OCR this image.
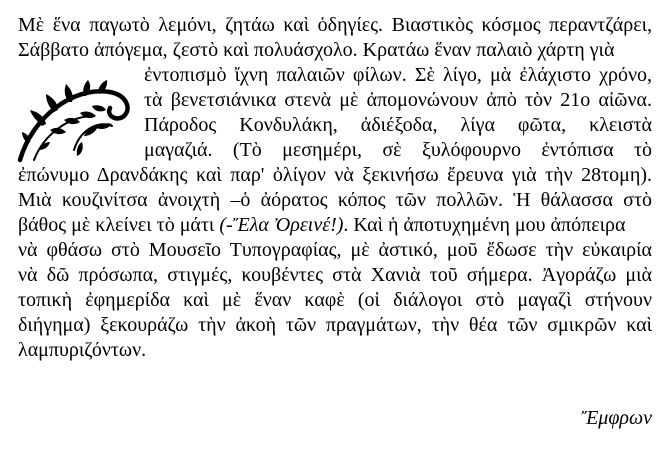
Μὲ ἕνα παγωτὸ λεμόνι, ζητάω καὶ ὁδηγίες. Βιαστικὸς κόσμος περαντζάρει,
Σάββατο ἀπόγεμα, ζεστὸ καὶ πολυάσχολο. Κρατάω ἕναν παλαιὸ χάρτη γιὰ
ἐντοπισμὸ ἴχνη παλαιῶν φίλων. Σὲ λίγο, μὰ ἐλάχιστο χρόνο,
τὰ βενετσιάνικα στενὰ μὲ ἀπομονώνουν ἀπὸ τὸν 21ο αἰῶνα.
Πάροδος Κονδυλάκη, ἀδιέξοδα, λίγα φῶτα, κλειστὰ
μαγαζιά. (Τὸ μεσημέρι, σὲ ξυλόφουρνο ἐντόπισα τὸ
ἐπώνυμο Δρανδάκης καὶ παρ' ὀλίγον νὰ ξεκινήσω ἔρευνα γιὰ τὴν 28τομη).
Μιὰ κουζινίτσα ἀνοιχτὴ –ὁ ἀόρατος κόπος τῶν πολλῶν. Ἡ θάλασσα στὸ
βάθος μὲ κλείνει τὸ μάτι (-Ἔλα Ὀρεινέ!). Καὶ ἡ ἀποτυχημένη μου ἀπόπειρα
νὰ φθάσω στὸ Μουσεῖο Τυπογραφίας, μὲ ἀστικό, μοῦ ἔδωσε τὴν εὐκαιρία
νὰ δῶ πρόσωπα, στιγμές, κουβέντες στὰ Χανιὰ τοῦ σήμερα. Ἀγοράζω μιὰ
τοπικὴ ἐφημερίδα καὶ μὲ ἕναν καφὲ (οἱ διάλογοι στὸ μαγαζὶ στήνουν
διήγημα) ξεκουράζω τὴν ἀκοὴ τῶν πραγμάτων, τὴν θέα τῶν σμικρῶν καὶ
λαμπυριζόντων.
Ἔμφρων
